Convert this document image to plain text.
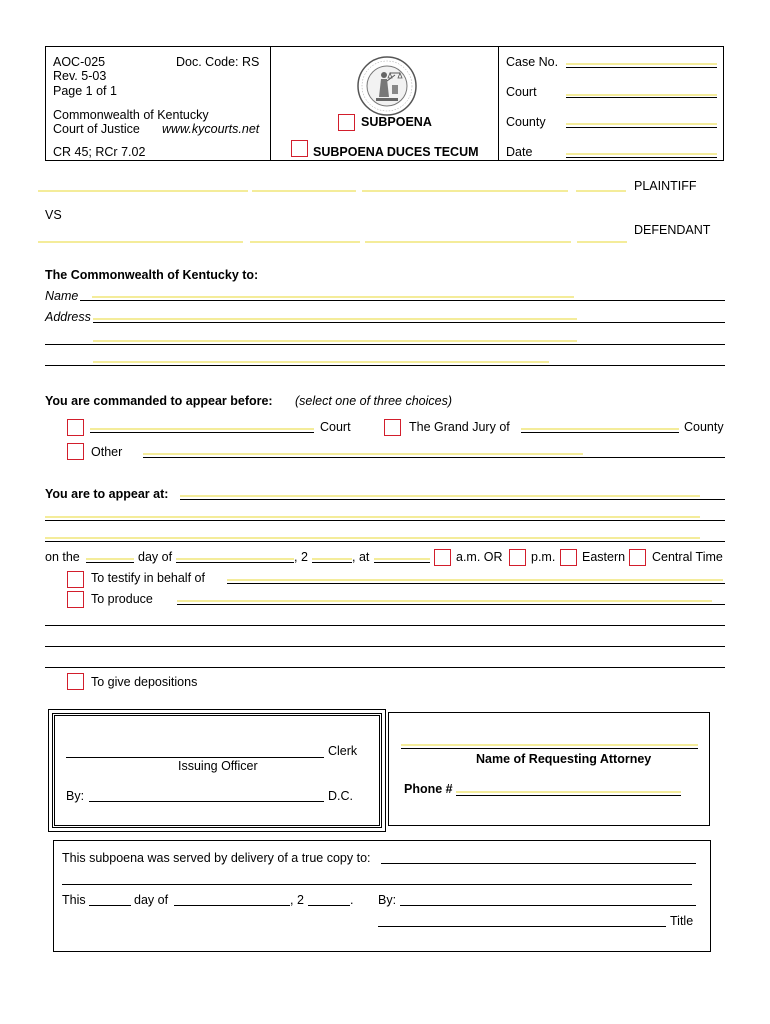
AOC-025	Doc. Code: RS
Rev. 5-03
Page 1 of 1
Commonwealth of Kentucky
Court of Justice www.kycourts.net
CR 45; RCr 7.02
SUBPOENA
SUBPOENA DUCES TECUM
Case No.
Court
County
Date
PLAINTIFF
VS
DEFENDANT
The Commonwealth of Kentucky to:
Name
Address
You are commanded to appear before: (select one of three choices)
Court	The Grand Jury of	County
Other
You are to appear at:
on the	day of	, 2	, at	a.m. OR p.m. Eastern Central Time
To testify in behalf of
To produce
To give depositions
Clerk
Issuing Officer
By:	D.C.
Name of Requesting Attorney
Phone #
This subpoena was served by delivery of a true copy to:
This	day of	, 2	. By:
Title
